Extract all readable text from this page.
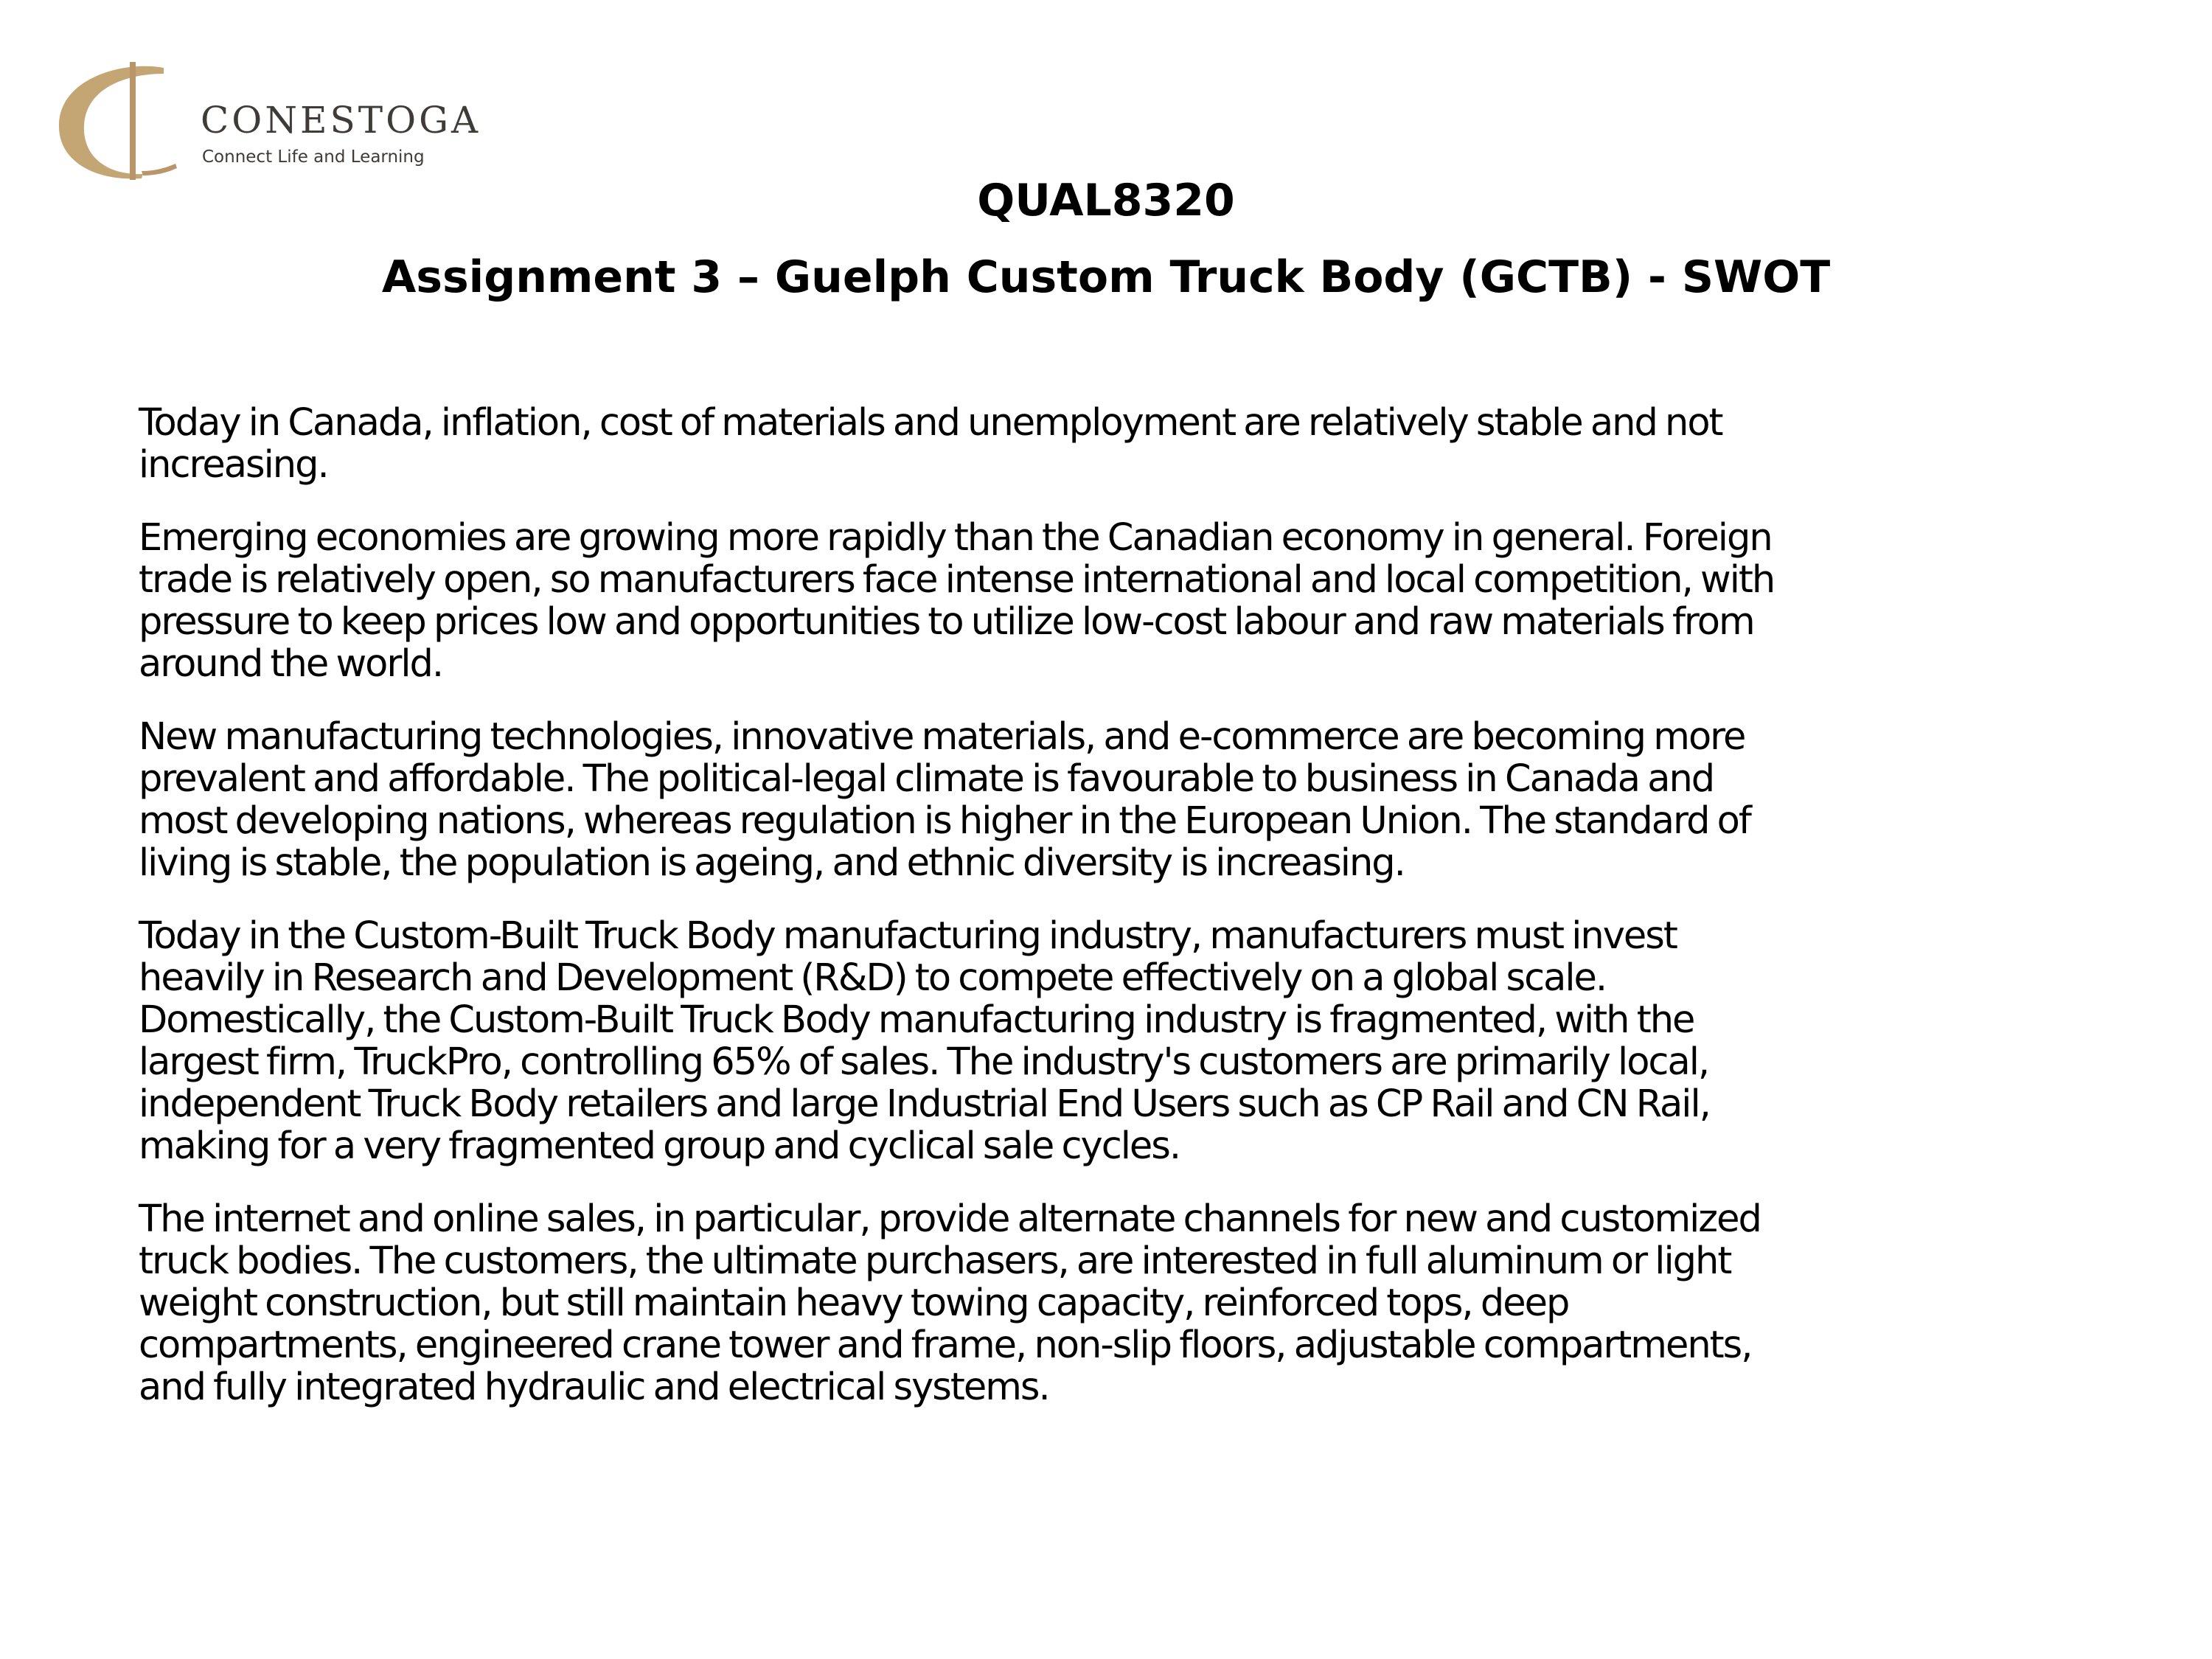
CONESTOGA
Connect Life and Learning
QUAL8320
Assignment 3 – Guelph Custom Truck Body (GCTB) - SWOT
Today in Canada, inflation, cost of materials and unemployment are relatively stable and not
increasing.
Emerging economies are growing more rapidly than the Canadian economy in general. Foreign
trade is relatively open, so manufacturers face intense international and local competition, with
pressure to keep prices low and opportunities to utilize low-cost labour and raw materials from
around the world.
New manufacturing technologies, innovative materials, and e-commerce are becoming more
prevalent and affordable. The political-legal climate is favourable to business in Canada and
most developing nations, whereas regulation is higher in the European Union. The standard of
living is stable, the population is ageing, and ethnic diversity is increasing.
Today in the Custom-Built Truck Body manufacturing industry, manufacturers must invest
heavily in Research and Development (R&D) to compete effectively on a global scale.
Domestically, the Custom-Built Truck Body manufacturing industry is fragmented, with the
largest firm, TruckPro, controlling 65% of sales. The industry's customers are primarily local,
independent Truck Body retailers and large Industrial End Users such as CP Rail and CN Rail,
making for a very fragmented group and cyclical sale cycles.
The internet and online sales, in particular, provide alternate channels for new and customized
truck bodies. The customers, the ultimate purchasers, are interested in full aluminum or light
weight construction, but still maintain heavy towing capacity, reinforced tops, deep
compartments, engineered crane tower and frame, non-slip floors, adjustable compartments,
and fully integrated hydraulic and electrical systems.
